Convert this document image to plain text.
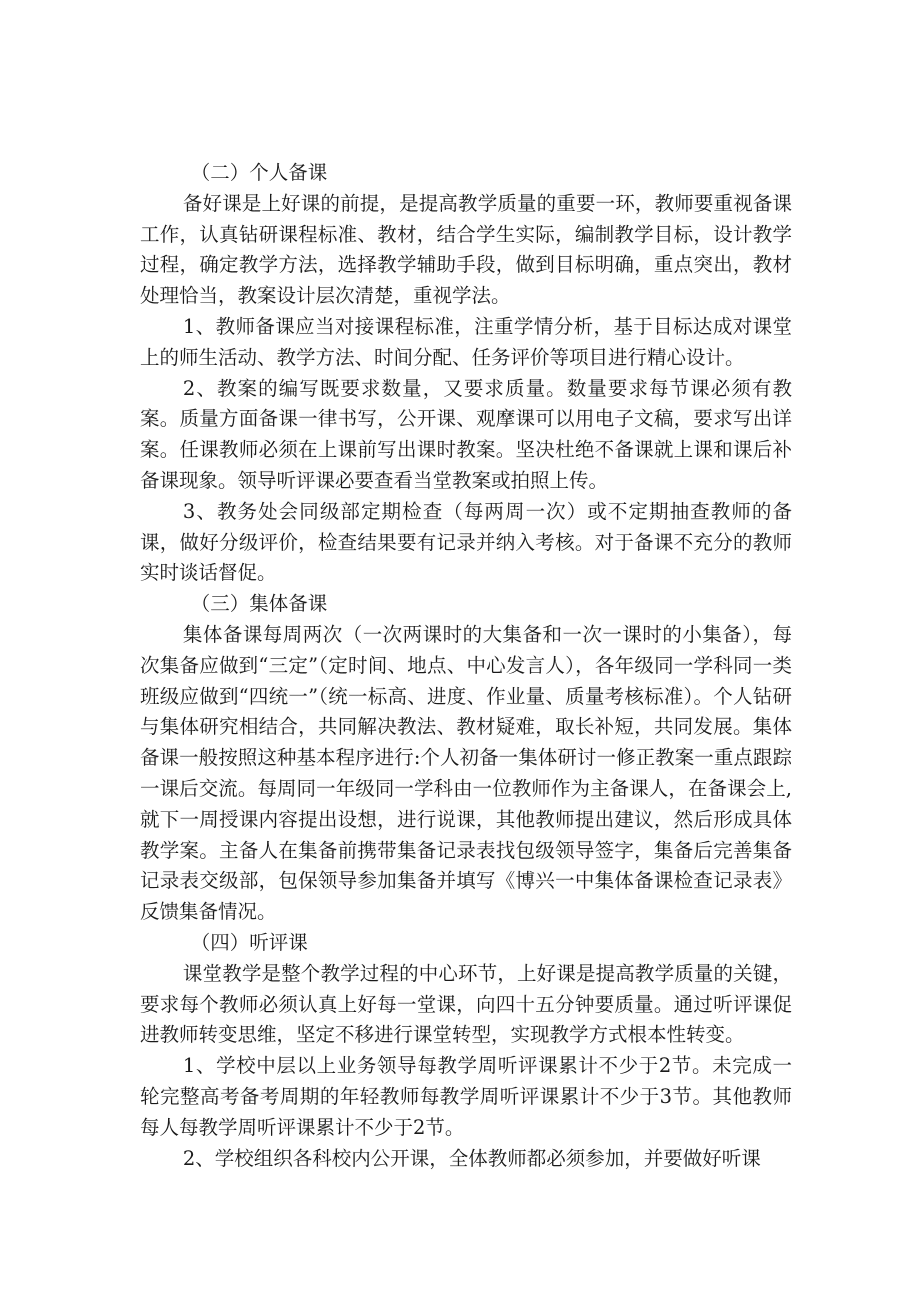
（二）个人备课

备好课是上好课的前提，是提高教学质量的重要一环，教师要重视备课工作，认真钻研课程标准、教材，结合学生实际，编制教学目标，设计教学过程，确定教学方法，选择教学辅助手段，做到目标明确，重点突出，教材处理恰当，教案设计层次清楚，重视学法。

1、教师备课应当对接课程标准，注重学情分析，基于目标达成对课堂上的师生活动、教学方法、时间分配、任务评价等项目进行精心设计。

2、教案的编写既要求数量，又要求质量。数量要求每节课必须有教案。质量方面备课一律书写，公开课、观摩课可以用电子文稿，要求写出详案。任课教师必须在上课前写出课时教案。坚决杜绝不备课就上课和课后补备课现象。领导听评课必要查看当堂教案或拍照上传。

3、教务处会同级部定期检查（每两周一次）或不定期抽查教师的备课，做好分级评价，检查结果要有记录并纳入考核。对于备课不充分的教师实时谈话督促。

（三）集体备课

集体备课每周两次（一次两课时的大集备和一次一课时的小集备），每次集备应做到“三定”（定时间、地点、中心发言人），各年级同一学科同一类班级应做到“四统一”（统一标高、进度、作业量、质量考核标准）。个人钻研与集体研究相结合，共同解决教法、教材疑难，取长补短，共同发展。集体备课一般按照这种基本程序进行:个人初备一集体研讨一修正教案一重点跟踪一课后交流。每周同一年级同一学科由一位教师作为主备课人，在备课会上,就下一周授课内容提出设想，进行说课，其他教师提出建议，然后形成具体教学案。主备人在集备前携带集备记录表找包级领导签字，集备后完善集备记录表交级部，包保领导参加集备并填写《博兴一中集体备课检查记录表》反馈集备情况。

（四）听评课

课堂教学是整个教学过程的中心环节，上好课是提高教学质量的关键，要求每个教师必须认真上好每一堂课，向四十五分钟要质量。通过听评课促进教师转变思维，坚定不移进行课堂转型，实现教学方式根本性转变。

1、学校中层以上业务领导每教学周听评课累计不少于2节。未完成一轮完整高考备考周期的年轻教师每教学周听评课累计不少于3节。其他教师每人每教学周听评课累计不少于2节。

2、学校组织各科校内公开课，全体教师都必须参加，并要做好听课
